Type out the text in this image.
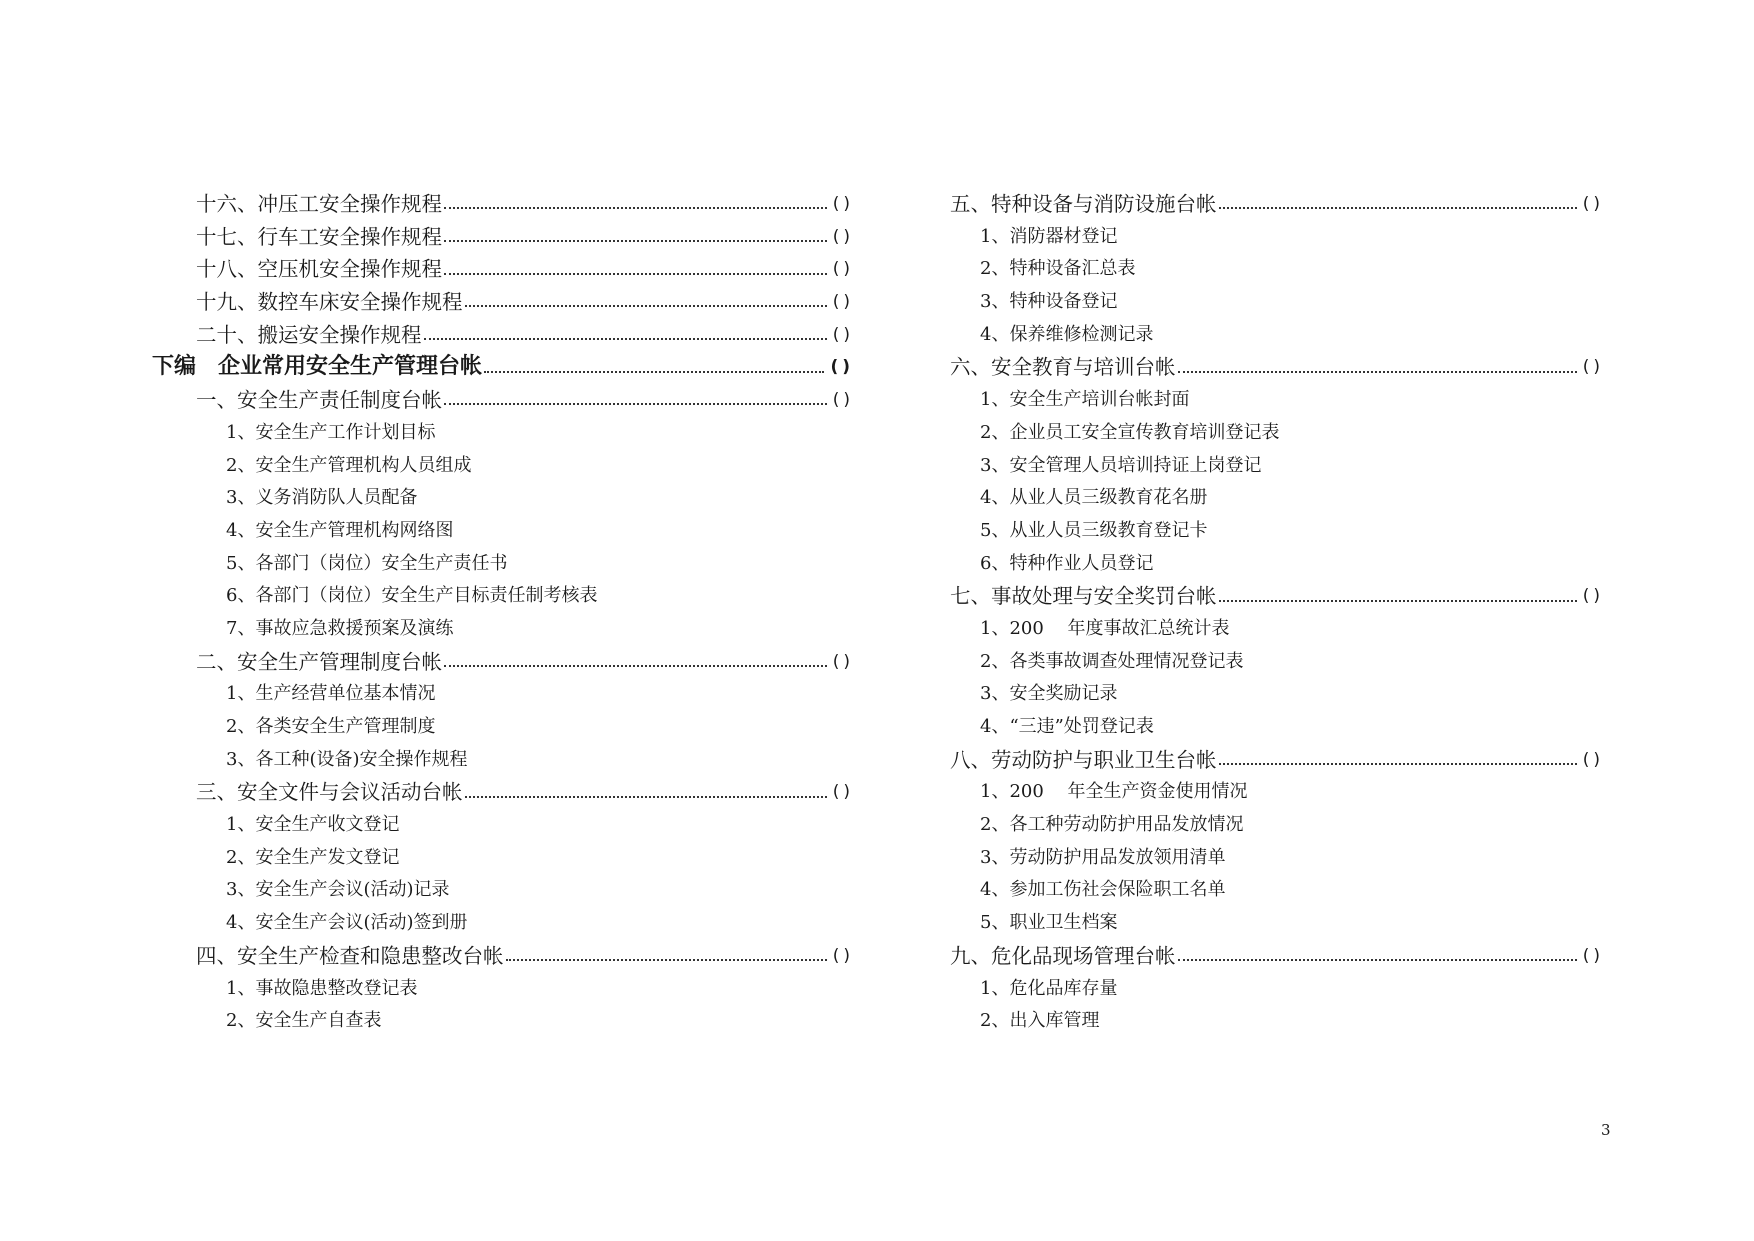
十六、冲压工安全操作规程	()
十七、行车工安全操作规程	()
十八、空压机安全操作规程	()
十九、数控车床安全操作规程	()
二十、搬运安全操作规程	()
下编　企业常用安全生产管理台帐	()
一、安全生产责任制度台帐	()
1、安全生产工作计划目标
2、安全生产管理机构人员组成
3、义务消防队人员配备
4、安全生产管理机构网络图
5、各部门（岗位）安全生产责任书
6、各部门（岗位）安全生产目标责任制考核表
7、事故应急救援预案及演练
二、安全生产管理制度台帐	()
1、生产经营单位基本情况
2、各类安全生产管理制度
3、各工种(设备)安全操作规程
三、安全文件与会议活动台帐	()
1、安全生产收文登记
2、安全生产发文登记
3、安全生产会议(活动)记录
4、安全生产会议(活动)签到册
四、安全生产检查和隐患整改台帐	()
1、事故隐患整改登记表
2、安全生产自查表
五、特种设备与消防设施台帐	()
1、消防器材登记
2、特种设备汇总表
3、特种设备登记
4、保养维修检测记录
六、安全教育与培训台帐	()
1、安全生产培训台帐封面
2、企业员工安全宣传教育培训登记表
3、安全管理人员培训持证上岗登记
4、从业人员三级教育花名册
5、从业人员三级教育登记卡
6、特种作业人员登记
七、事故处理与安全奖罚台帐	()
1、200　 年度事故汇总统计表
2、各类事故调查处理情况登记表
3、安全奖励记录
4、“三违”处罚登记表
八、劳动防护与职业卫生台帐	()
1、200　 年全生产资金使用情况
2、各工种劳动防护用品发放情况
3、劳动防护用品发放领用清单
4、参加工伤社会保险职工名单
5、职业卫生档案
九、危化品现场管理台帐	()
1、危化品库存量
2、出入库管理
3
